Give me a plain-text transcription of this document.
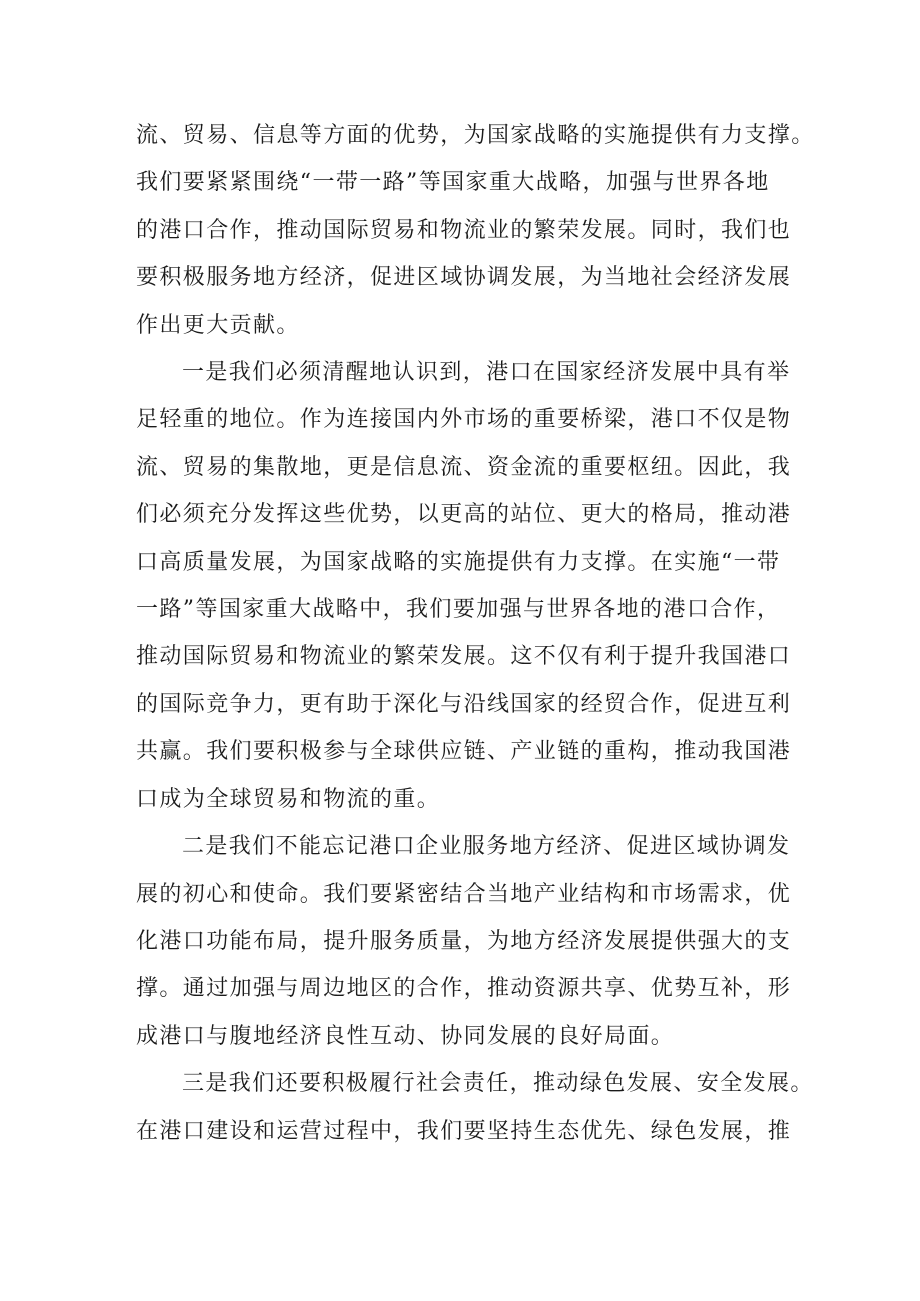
流、贸易、信息等方面的优势，为国家战略的实施提供有力支撑。
我们要紧紧围绕“一带一路”等国家重大战略，加强与世界各地
的港口合作，推动国际贸易和物流业的繁荣发展。同时，我们也
要积极服务地方经济，促进区域协调发展，为当地社会经济发展
作出更大贡献。

一是我们必须清醒地认识到，港口在国家经济发展中具有举
足轻重的地位。作为连接国内外市场的重要桥梁，港口不仅是物
流、贸易的集散地，更是信息流、资金流的重要枢纽。因此，我
们必须充分发挥这些优势，以更高的站位、更大的格局，推动港
口高质量发展，为国家战略的实施提供有力支撑。在实施“一带
一路”等国家重大战略中，我们要加强与世界各地的港口合作，
推动国际贸易和物流业的繁荣发展。这不仅有利于提升我国港口
的国际竞争力，更有助于深化与沿线国家的经贸合作，促进互利
共赢。我们要积极参与全球供应链、产业链的重构，推动我国港
口成为全球贸易和物流的重。

二是我们不能忘记港口企业服务地方经济、促进区域协调发
展的初心和使命。我们要紧密结合当地产业结构和市场需求，优
化港口功能布局，提升服务质量，为地方经济发展提供强大的支
撑。通过加强与周边地区的合作，推动资源共享、优势互补，形
成港口与腹地经济良性互动、协同发展的良好局面。

三是我们还要积极履行社会责任，推动绿色发展、安全发展。
在港口建设和运营过程中，我们要坚持生态优先、绿色发展，推
